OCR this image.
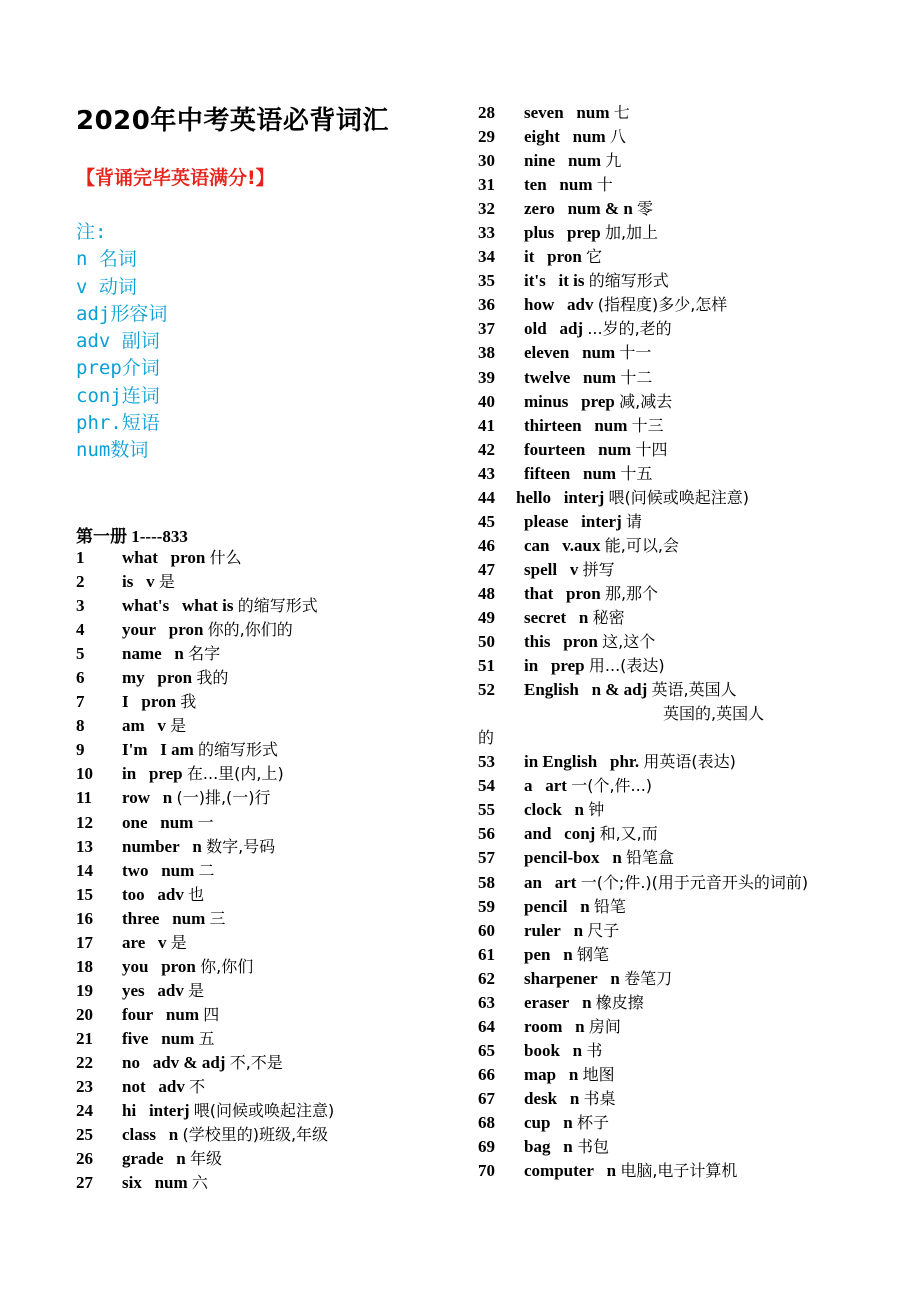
2020年中考英语必背词汇
【背诵完毕英语满分!】
注:
n 名词
v 动词
adj形容词
adv 副词
prep介词
conj连词
phr.短语
num数词
第一册 1----833
1 what pron 什么
2 is v 是
3 what's what is 的缩写形式
4 your pron 你的,你们的
5 name n 名字
6 my pron 我的
7 I pron 我
8 am v 是
9 I'm I am 的缩写形式
10 in prep 在...里(内,上)
11 row n (一)排,(一)行
12 one num 一
13 number n 数字,号码
14 two num 二
15 too adv 也
16 three num 三
17 are v 是
18 you pron 你,你们
19 yes adv 是
20 four num 四
21 five num 五
22 no adv & adj 不,不是
23 not adv 不
24 hi interj 喂(问候或唤起注意)
25 class n (学校里的)班级,年级
26 grade n 年级
27 six num 六
28 seven num 七
29 eight num 八
30 nine num 九
31 ten num 十
32 zero num & n 零
33 plus prep 加,加上
34 it pron 它
35 it's it is 的缩写形式
36 how adv (指程度)多少,怎样
37 old adj ...岁的,老的
38 eleven num 十一
39 twelve num 十二
40 minus prep 减,减去
41 thirteen num 十三
42 fourteen num 十四
43 fifteen num 十五
44 hello interj 喂(问候或唤起注意)
45 please interj 请
46 can v.aux 能,可以,会
47 spell v 拼写
48 that pron 那,那个
49 secret n 秘密
50 this pron 这,这个
51 in prep 用...(表达)
52 English n & adj 英语,英国人
英国的,英国人
的
53 in English phr. 用英语(表达)
54 a art 一(个,件...)
55 clock n 钟
56 and conj 和,又,而
57 pencil-box n 铅笔盒
58 an art 一(个;件.)(用于元音开头的词前)
59 pencil n 铅笔
60 ruler n 尺子
61 pen n 钢笔
62 sharpener n 卷笔刀
63 eraser n 橡皮擦
64 room n 房间
65 book n 书
66 map n 地图
67 desk n 书桌
68 cup n 杯子
69 bag n 书包
70 computer n 电脑,电子计算机
